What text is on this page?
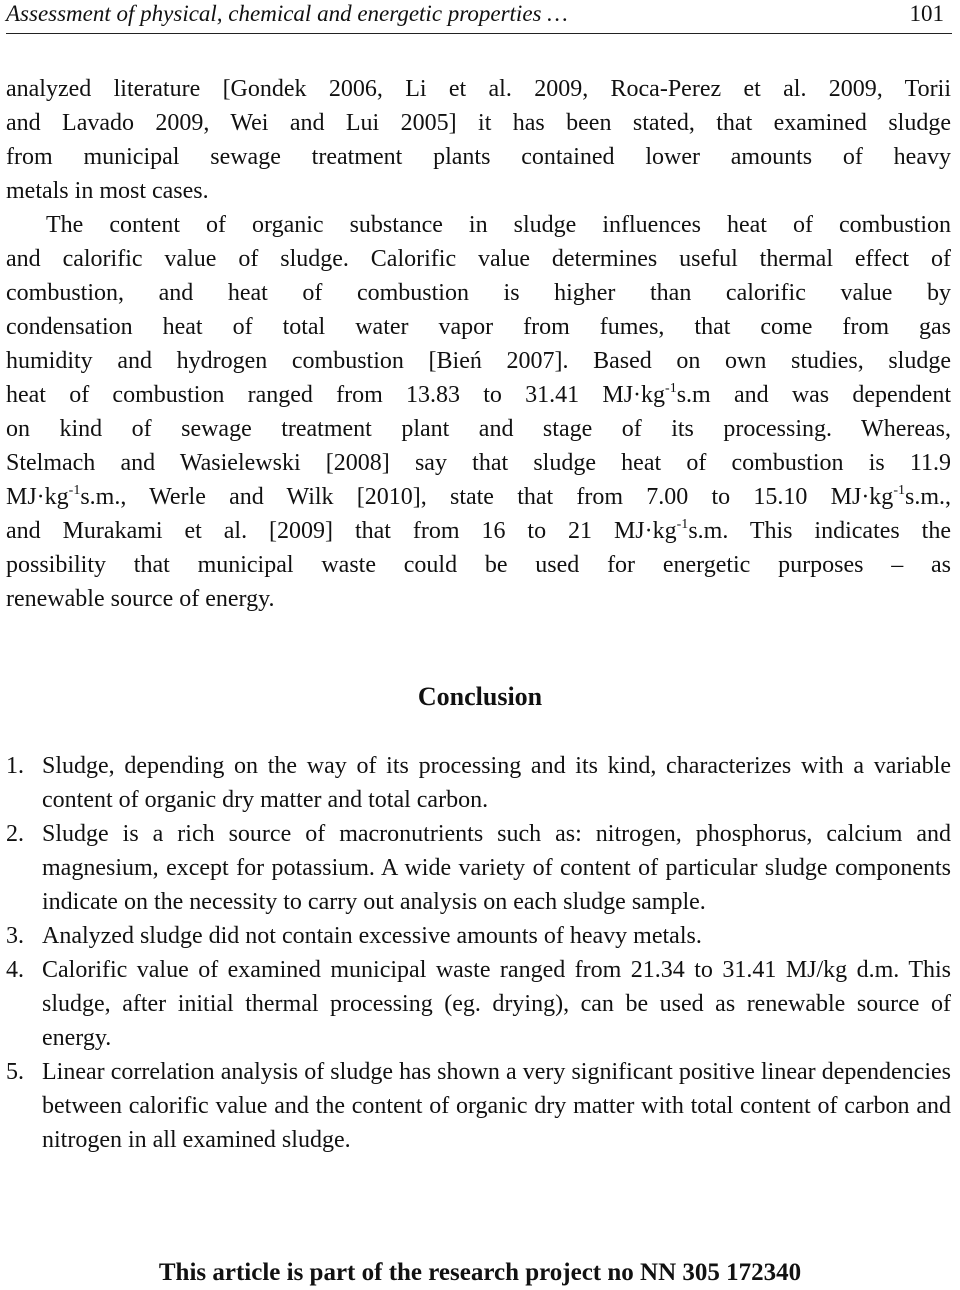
Assessment of physical, chemical and energetic properties …	101
analyzed literature [Gondek 2006, Li et al. 2009, Roca-Perez et al. 2009, Torii
and Lavado 2009, Wei and Lui 2005] it has been stated, that examined sludge
from municipal sewage treatment plants contained lower amounts of heavy
metals in most cases.
The content of organic substance in sludge influences heat of combustion
and calorific value of sludge. Calorific value determines useful thermal effect of
combustion, and heat of combustion is higher than calorific value by
condensation heat of total water vapor from fumes, that come from gas
humidity and hydrogen combustion [Bień 2007]. Based on own studies, sludge
heat of combustion ranged from 13.83 to 31.41 $MJ\cdot kg^{-1}s.m$ and was dependent
on kind of sewage treatment plant and stage of its processing. Whereas,
Stelmach and Wasielewski [2008] say that sludge heat of combustion is 11.9
$MJ\cdot kg^{-1}s.m$., Werle and Wilk [2010], state that from 7.00 to 15.10 $MJ\cdot kg^{-1}s.m$.,
and Murakami et al. [2009] that from 16 to 21 $MJ\cdot kg^{-1}s.m$. This indicates the
possibility that municipal waste could be used for energetic purposes – as
renewable source of energy.
Conclusion
1. Sludge, depending on the way of its processing and its kind, characterizes with a variable content of organic dry matter and total carbon.
2. Sludge is a rich source of macronutrients such as: nitrogen, phosphorus, calcium and magnesium, except for potassium. A wide variety of content of particular sludge components indicate on the necessity to carry out analysis on each sludge sample.
3. Analyzed sludge did not contain excessive amounts of heavy metals.
4. Calorific value of examined municipal waste ranged from 21.34 to 31.41 MJ/kg d.m. This sludge, after initial thermal processing (eg. drying), can be used as renewable source of energy.
5. Linear correlation analysis of sludge has shown a very significant positive linear dependencies between calorific value and the content of organic dry matter with total content of carbon and nitrogen in all examined sludge.
This article is part of the research project no NN 305 172340
